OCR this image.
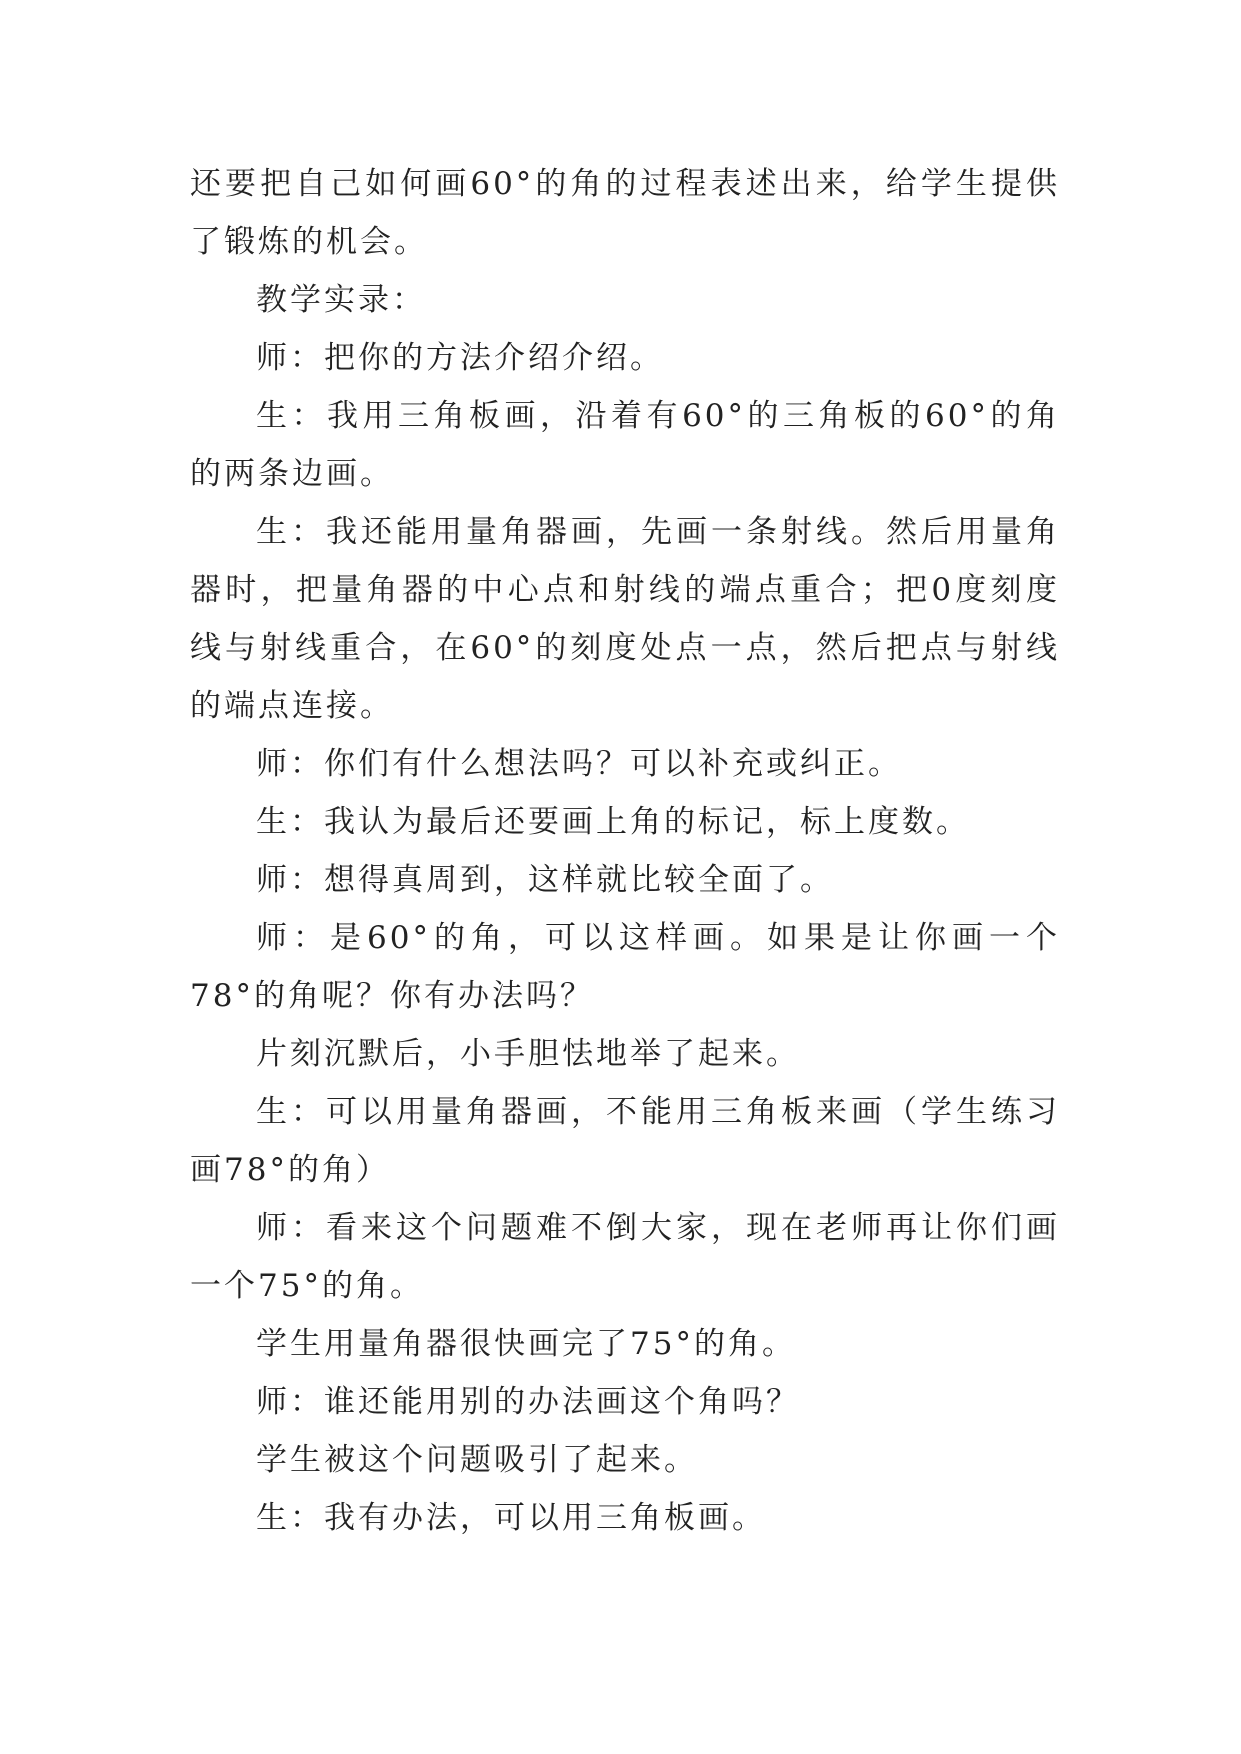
还要把自己如何画60°的角的过程表述出来，给学生提供了锻炼的机会。

教学实录：

师：把你的方法介绍介绍。

生：我用三角板画，沿着有60°的三角板的60°的角的两条边画。

生：我还能用量角器画，先画一条射线。然后用量角器时，把量角器的中心点和射线的端点重合；把0度刻度线与射线重合，在60°的刻度处点一点，然后把点与射线的端点连接。

师：你们有什么想法吗？可以补充或纠正。

生：我认为最后还要画上角的标记，标上度数。

师：想得真周到，这样就比较全面了。

师：是60°的角，可以这样画。如果是让你画一个78°的角呢？你有办法吗？

片刻沉默后，小手胆怯地举了起来。

生：可以用量角器画，不能用三角板来画（学生练习画78°的角）

师：看来这个问题难不倒大家，现在老师再让你们画一个75°的角。

学生用量角器很快画完了75°的角。

师：谁还能用别的办法画这个角吗？

学生被这个问题吸引了起来。

生：我有办法，可以用三角板画。
